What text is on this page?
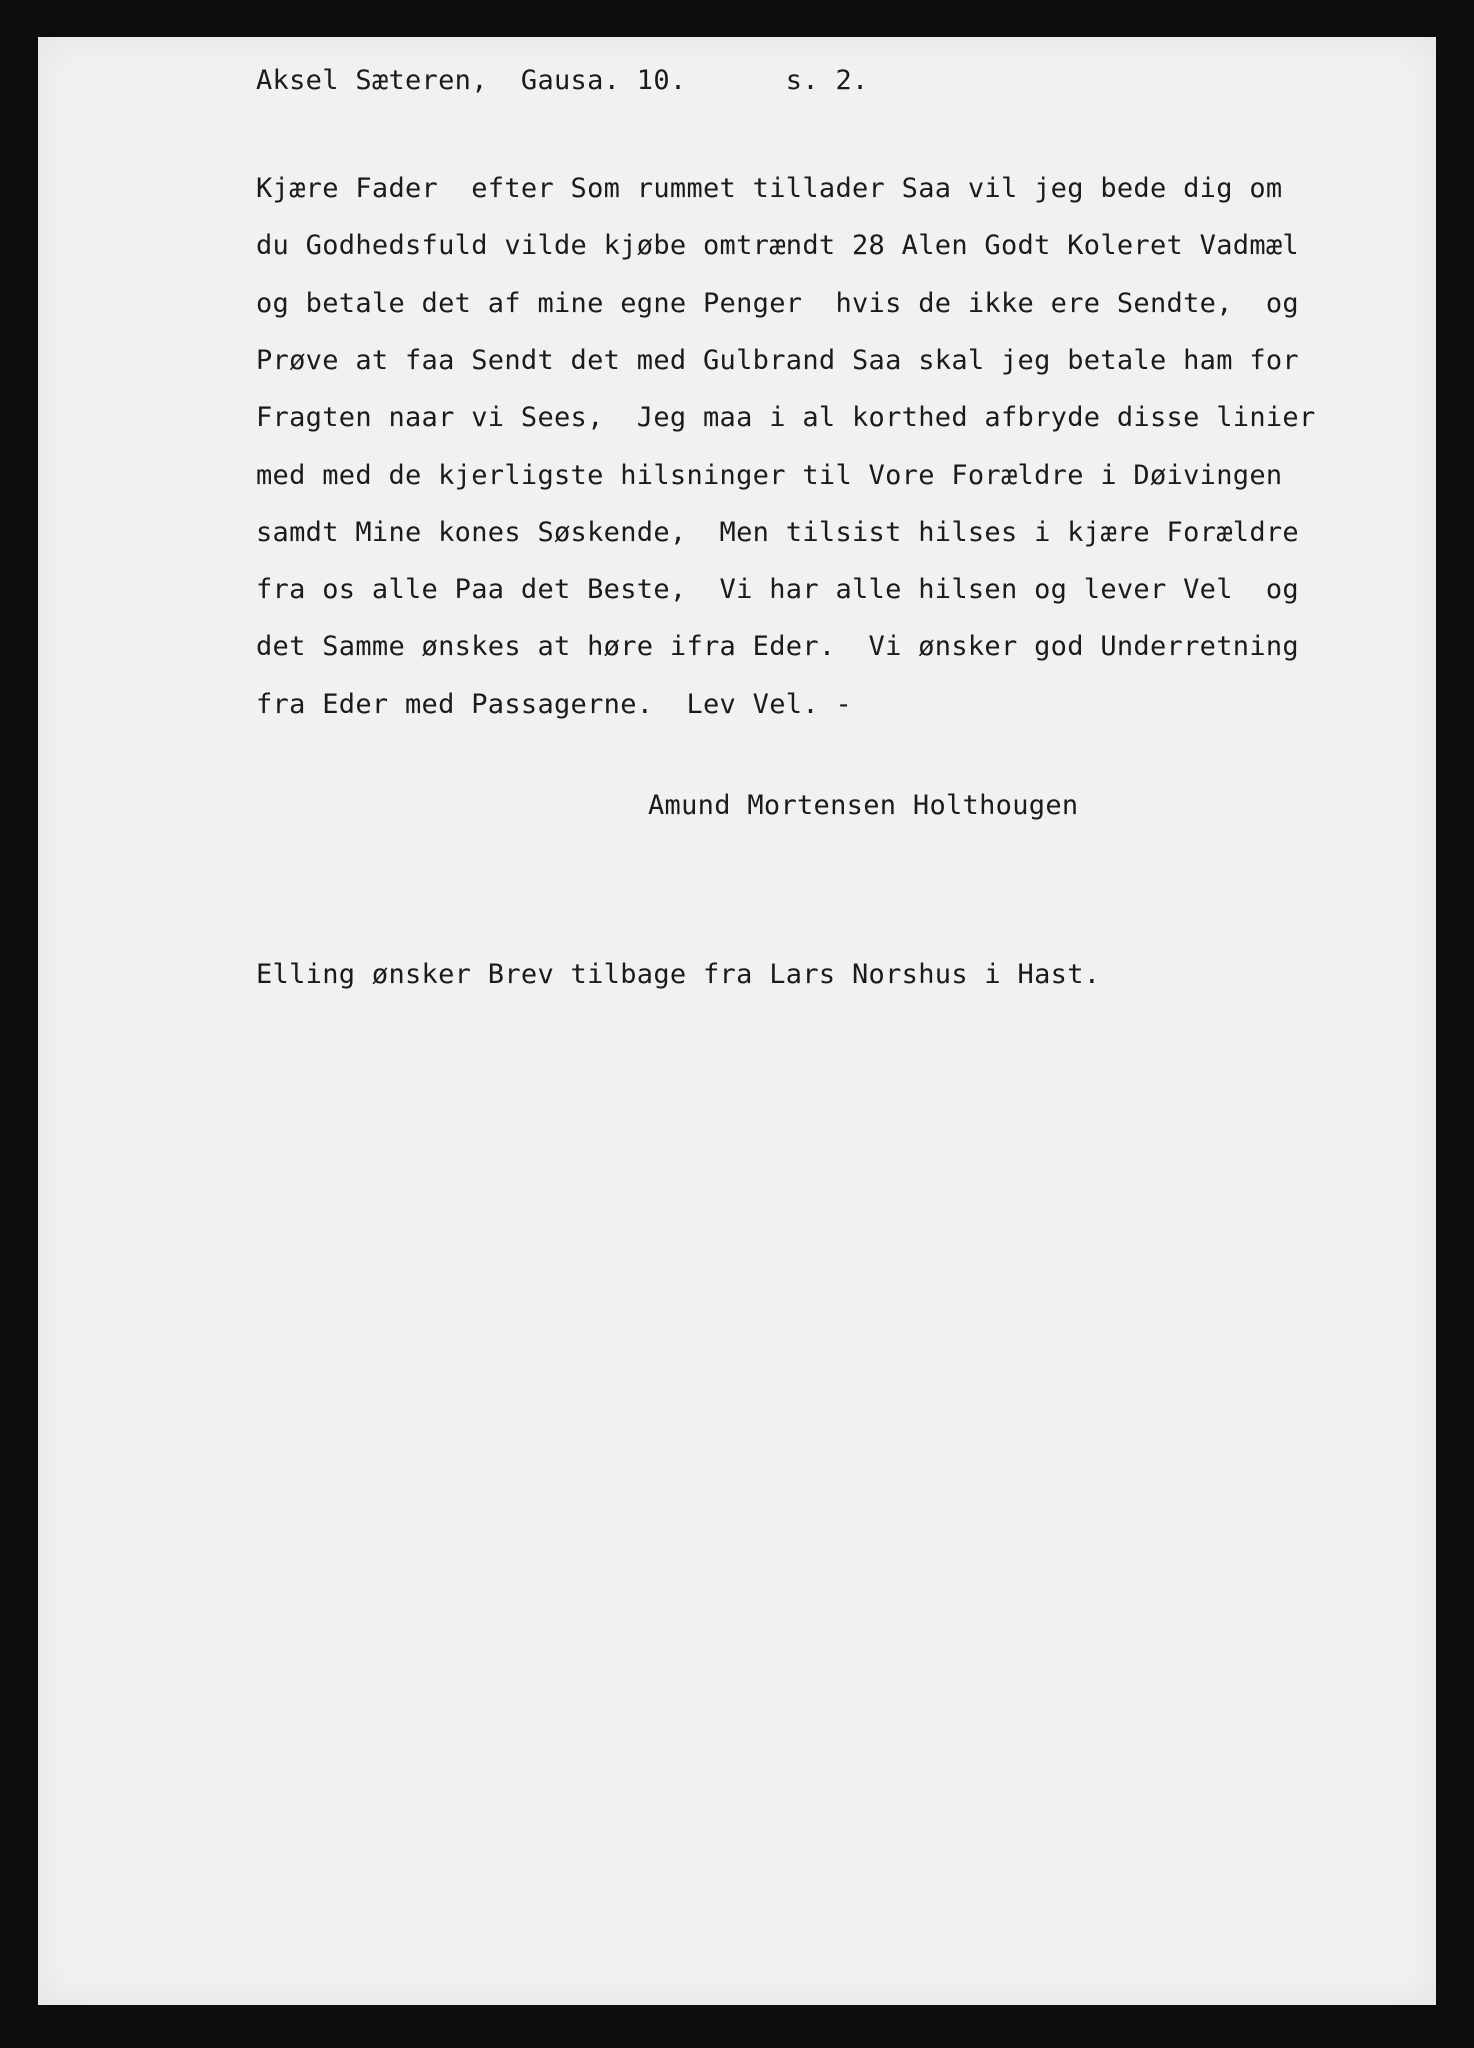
Aksel Sæteren,  Gausa. 10.      s. 2.
Kjære Fader  efter Som rummet tillader Saa vil jeg bede dig om
du Godhedsfuld vilde kjøbe omtrændt 28 Alen Godt Koleret Vadmæl
og betale det af mine egne Penger  hvis de ikke ere Sendte,  og
Prøve at faa Sendt det med Gulbrand Saa skal jeg betale ham for
Fragten naar vi Sees,  Jeg maa i al korthed afbryde disse linier
med med de kjerligste hilsninger til Vore Forældre i Døivingen
samdt Mine kones Søskende,  Men tilsist hilses i kjære Forældre
fra os alle Paa det Beste,  Vi har alle hilsen og lever Vel  og
det Samme ønskes at høre ifra Eder.  Vi ønsker god Underretning
fra Eder med Passagerne.  Lev Vel. -
Amund Mortensen Holthougen
Elling ønsker Brev tilbage fra Lars Norshus i Hast.
